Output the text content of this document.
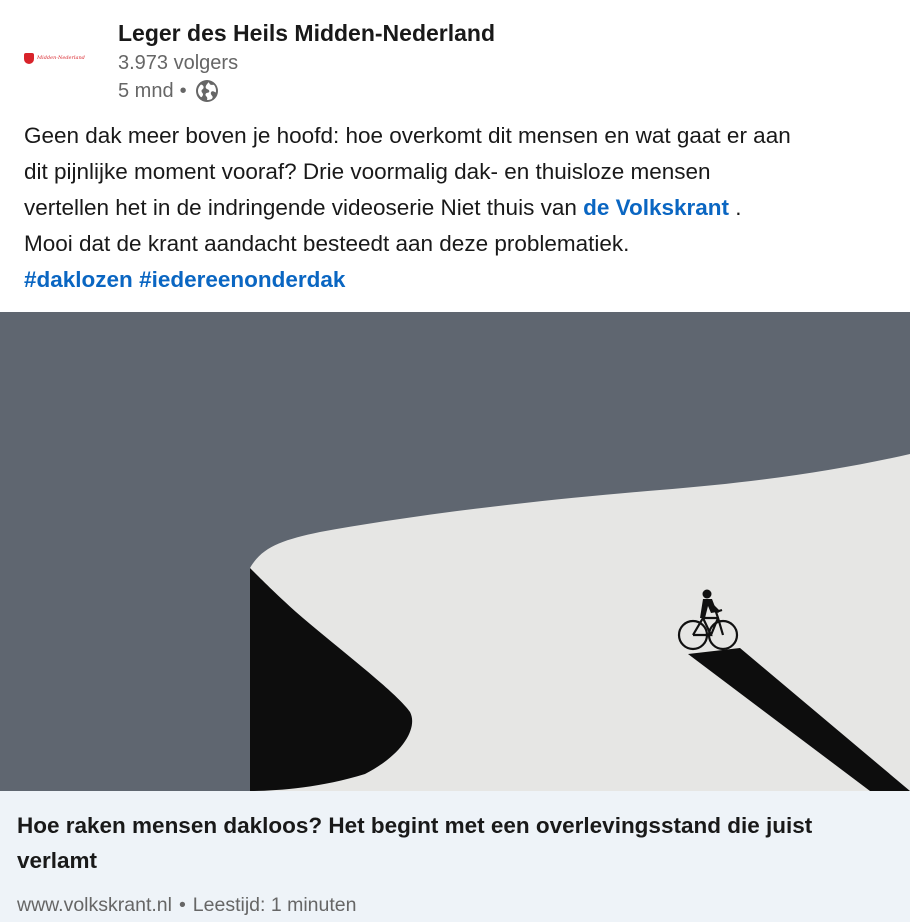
Midden-Nederland
Leger des Heils Midden-Nederland
3.973 volgers
5 mnd •
Geen dak meer boven je hoofd: hoe overkomt dit mensen en wat gaat er aan
dit pijnlijke moment vooraf? Drie voormalig dak- en thuisloze mensen
vertellen het in de indringende videoserie Niet thuis van de Volkskrant .
Mooi dat de krant aandacht besteedt aan deze problematiek.
#daklozen #iedereenonderdak
Hoe raken mensen dakloos? Het begint met een overlevingsstand die juist
verlamt
www.volkskrant.nl • Leestijd: 1 minuten
